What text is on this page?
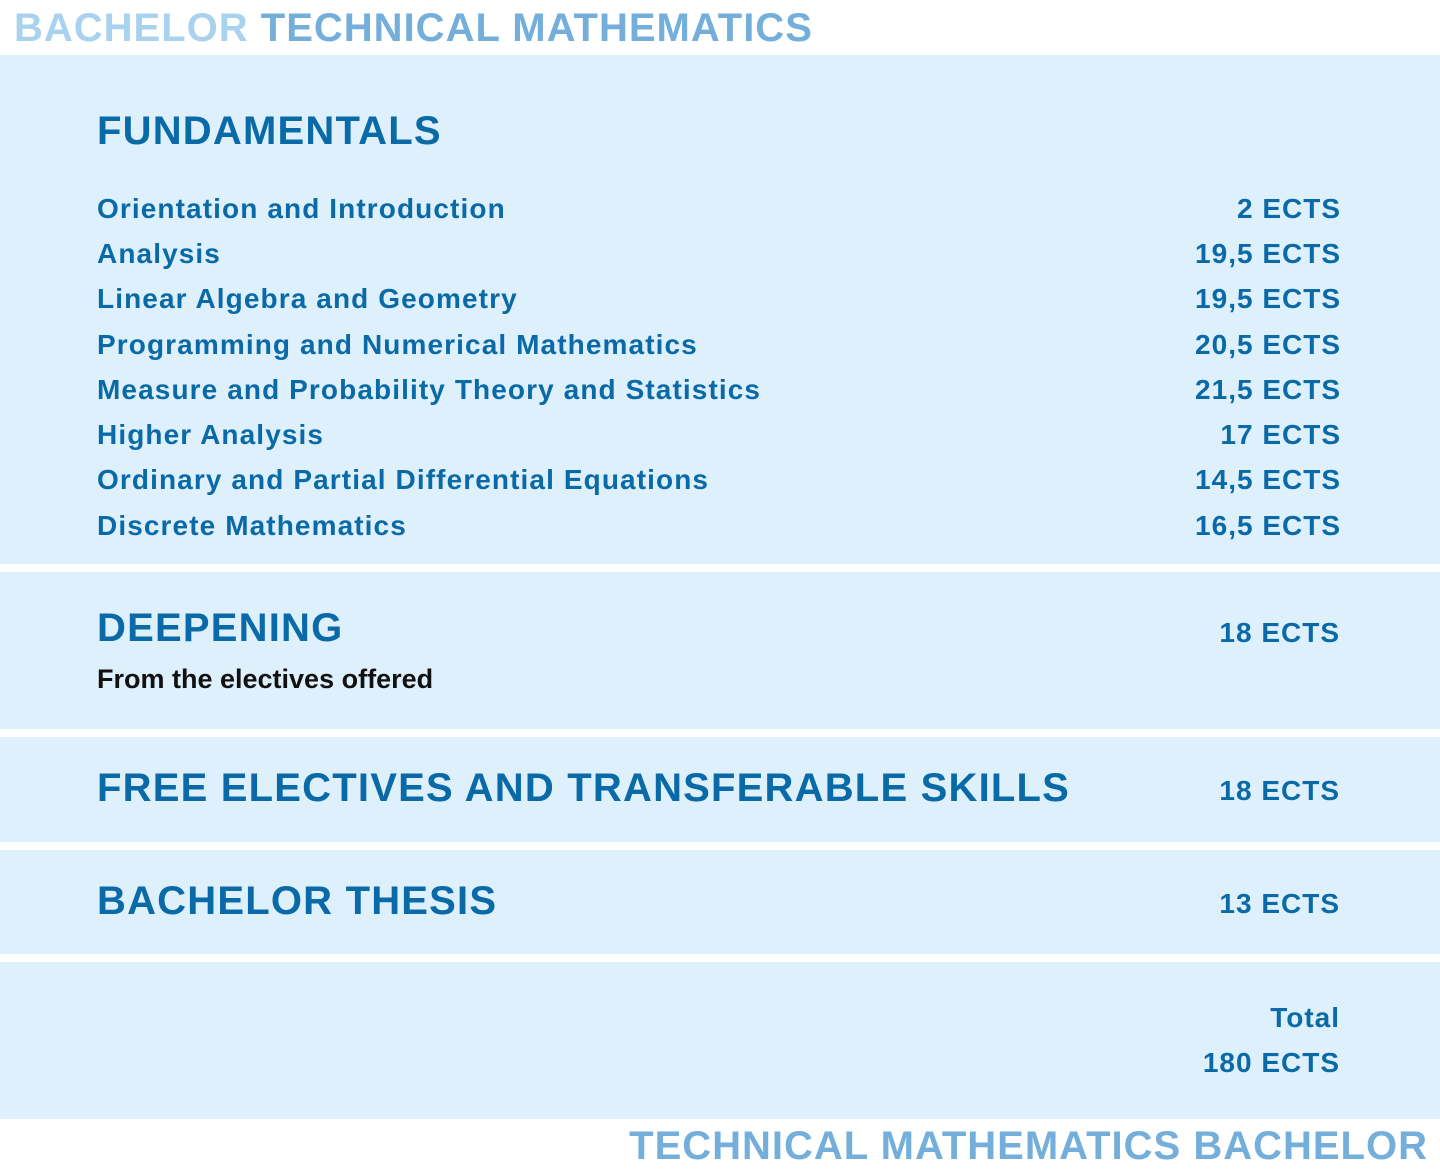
BACHELOR TECHNICAL MATHEMATICS
FUNDAMENTALS
Orientation and Introduction	2 ECTS
Analysis	19,5 ECTS
Linear Algebra and Geometry	19,5 ECTS
Programming and Numerical Mathematics	20,5 ECTS
Measure and Probability Theory and Statistics	21,5 ECTS
Higher Analysis	17 ECTS
Ordinary and Partial Differential Equations	14,5 ECTS
Discrete Mathematics	16,5 ECTS
DEEPENING	18 ECTS

From the electives offered

FREE ELECTIVES AND TRANSFERABLE SKILLS	18 ECTS
BACHELOR THESIS	13 ECTS
Total
180 ECTS
TECHNICAL MATHEMATICS BACHELOR
